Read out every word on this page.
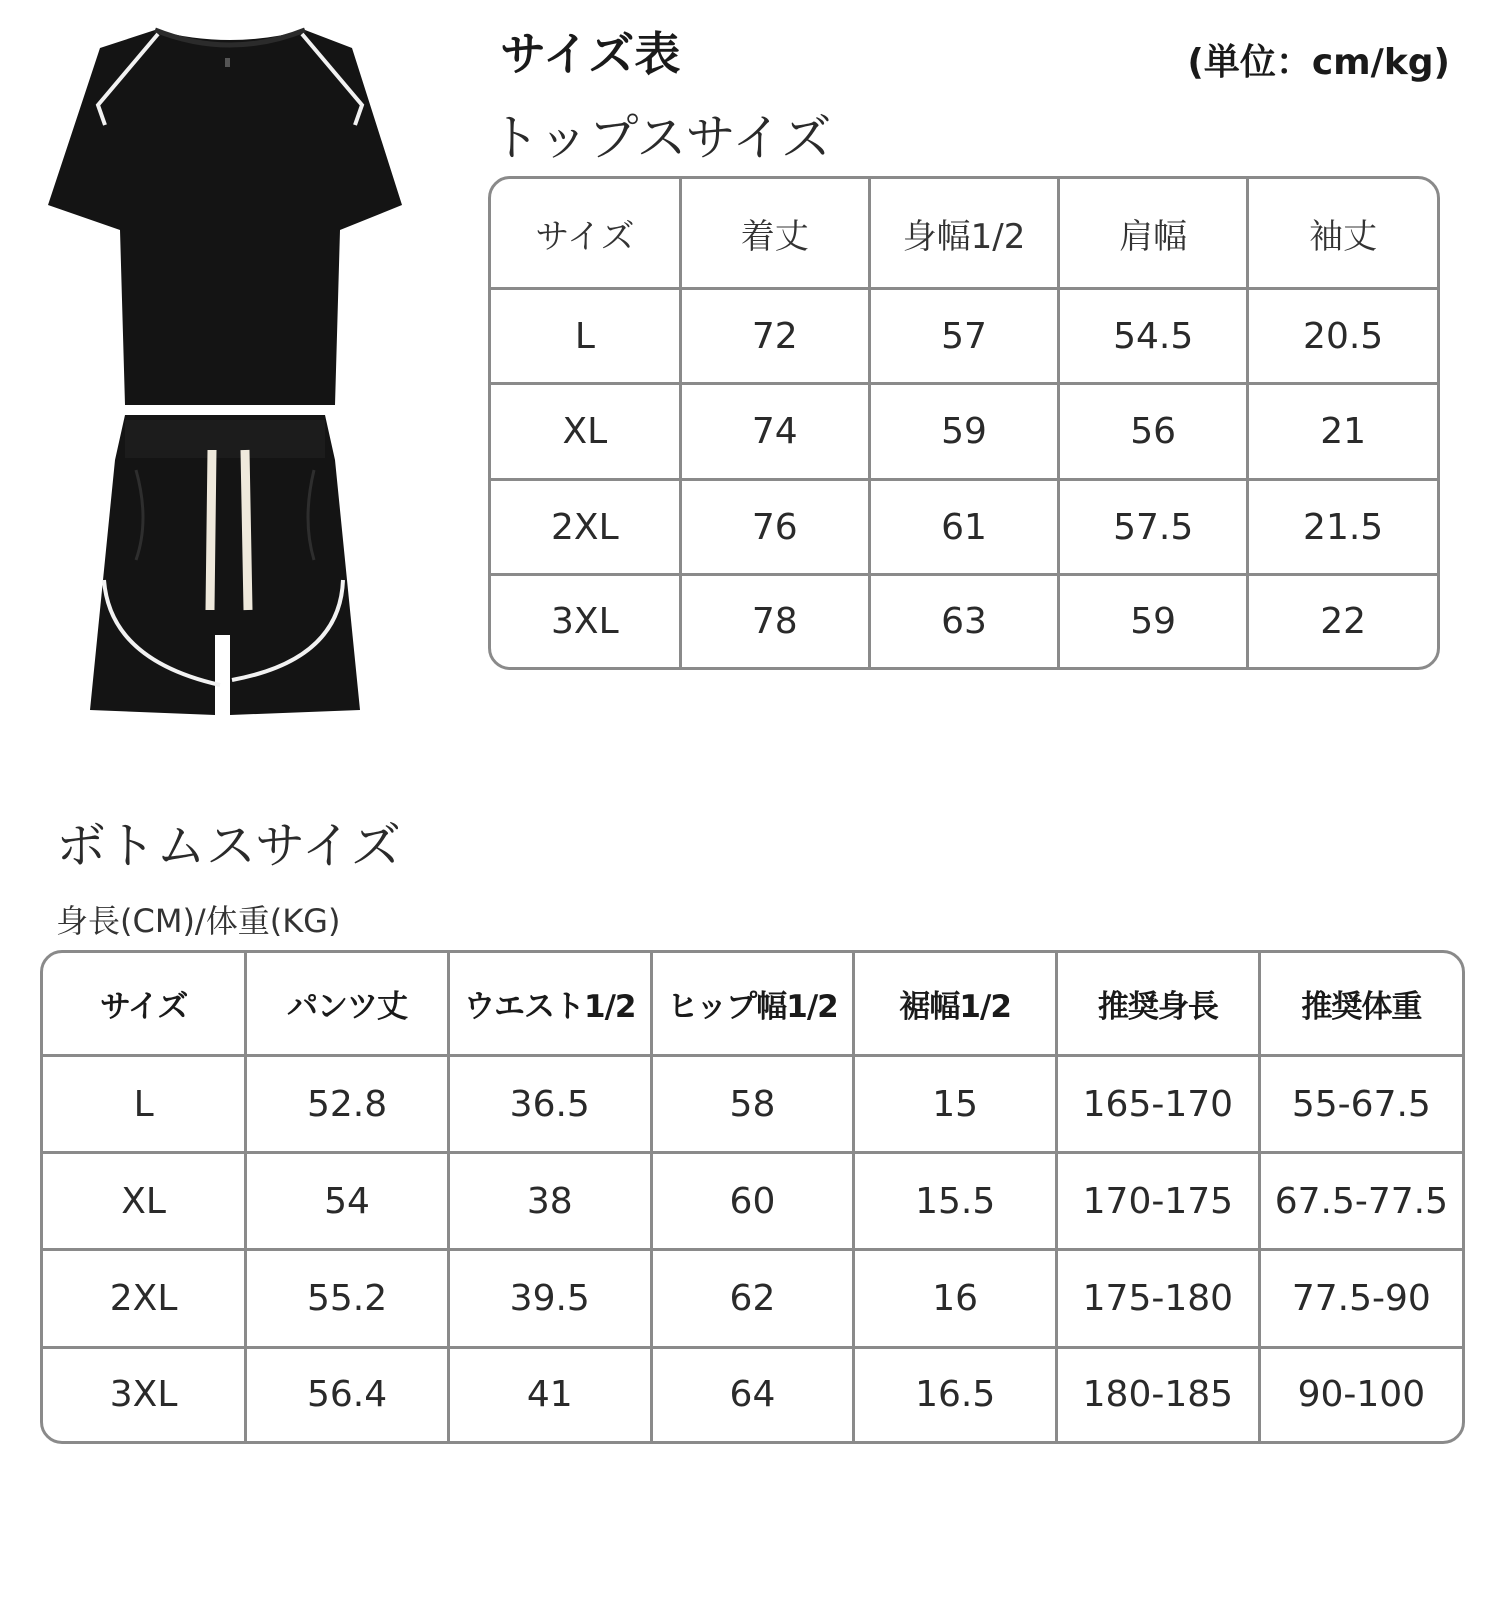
サイズ表	(単位：cm/kg)
トップスサイズ
サイズ	着丈	身幅1/2	肩幅	袖丈
L	72	57	54.5	20.5
XL	74	59	56	21
2XL	76	61	57.5	21.5
3XL	78	63	59	22
ボトムスサイズ
身長(CM)/体重(KG)
サイズ	パンツ丈	ウエスト1/2	ヒップ幅1/2	裾幅1/2	推奨身長	推奨体重
L	52.8	36.5	58	15	165-170	55-67.5
XL	54	38	60	15.5	170-175	67.5-77.5
2XL	55.2	39.5	62	16	175-180	77.5-90
3XL	56.4	41	64	16.5	180-185	90-100
